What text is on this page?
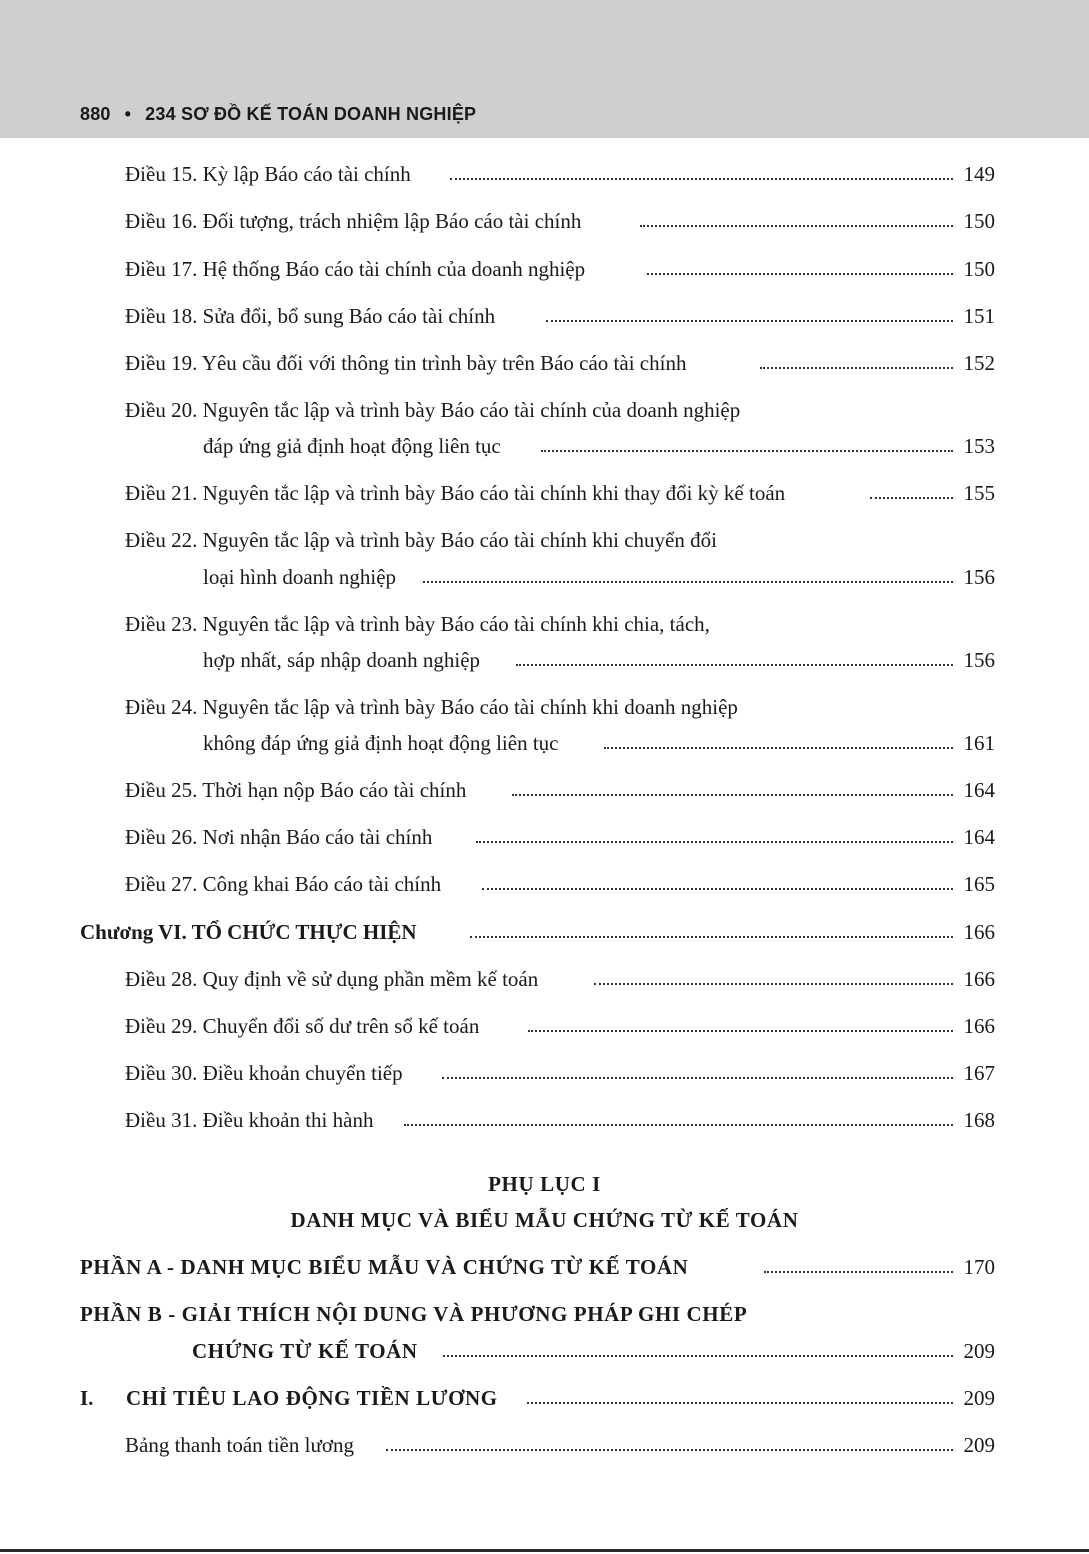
880 • 234 SƠ ĐỒ KẾ TOÁN DOANH NGHIỆP
Điều 15. Kỳ lập Báo cáo tài chính	149
Điều 16. Đối tượng, trách nhiệm lập Báo cáo tài chính	150
Điều 17. Hệ thống Báo cáo tài chính của doanh nghiệp	150
Điều 18. Sửa đổi, bổ sung Báo cáo tài chính	151
Điều 19. Yêu cầu đối với thông tin trình bày trên Báo cáo tài chính	152
Điều 20. Nguyên tắc lập và trình bày Báo cáo tài chính của doanh nghiệp
đáp ứng giả định hoạt động liên tục	153
Điều 21. Nguyên tắc lập và trình bày Báo cáo tài chính khi thay đổi kỳ kế toán	155
Điều 22. Nguyên tắc lập và trình bày Báo cáo tài chính khi chuyển đổi
loại hình doanh nghiệp	156
Điều 23. Nguyên tắc lập và trình bày Báo cáo tài chính khi chia, tách,
hợp nhất, sáp nhập doanh nghiệp	156
Điều 24. Nguyên tắc lập và trình bày Báo cáo tài chính khi doanh nghiệp
không đáp ứng giả định hoạt động liên tục	161
Điều 25. Thời hạn nộp Báo cáo tài chính	164
Điều 26. Nơi nhận Báo cáo tài chính	164
Điều 27. Công khai Báo cáo tài chính	165
Chương VI. TỔ CHỨC THỰC HIỆN	166
Điều 28. Quy định về sử dụng phần mềm kế toán	166
Điều 29. Chuyển đổi số dư trên sổ kế toán	166
Điều 30. Điều khoản chuyển tiếp	167
Điều 31. Điều khoản thi hành	168
PHỤ LỤC I
DANH MỤC VÀ BIỂU MẪU CHỨNG TỪ KẾ TOÁN
PHẦN A - DANH MỤC BIỂU MẪU VÀ CHỨNG TỪ KẾ TOÁN	170
PHẦN B - GIẢI THÍCH NỘI DUNG VÀ PHƯƠNG PHÁP GHI CHÉP
CHỨNG TỪ KẾ TOÁN	209
I. CHỈ TIÊU LAO ĐỘNG TIỀN LƯƠNG	209
Bảng thanh toán tiền lương	209
